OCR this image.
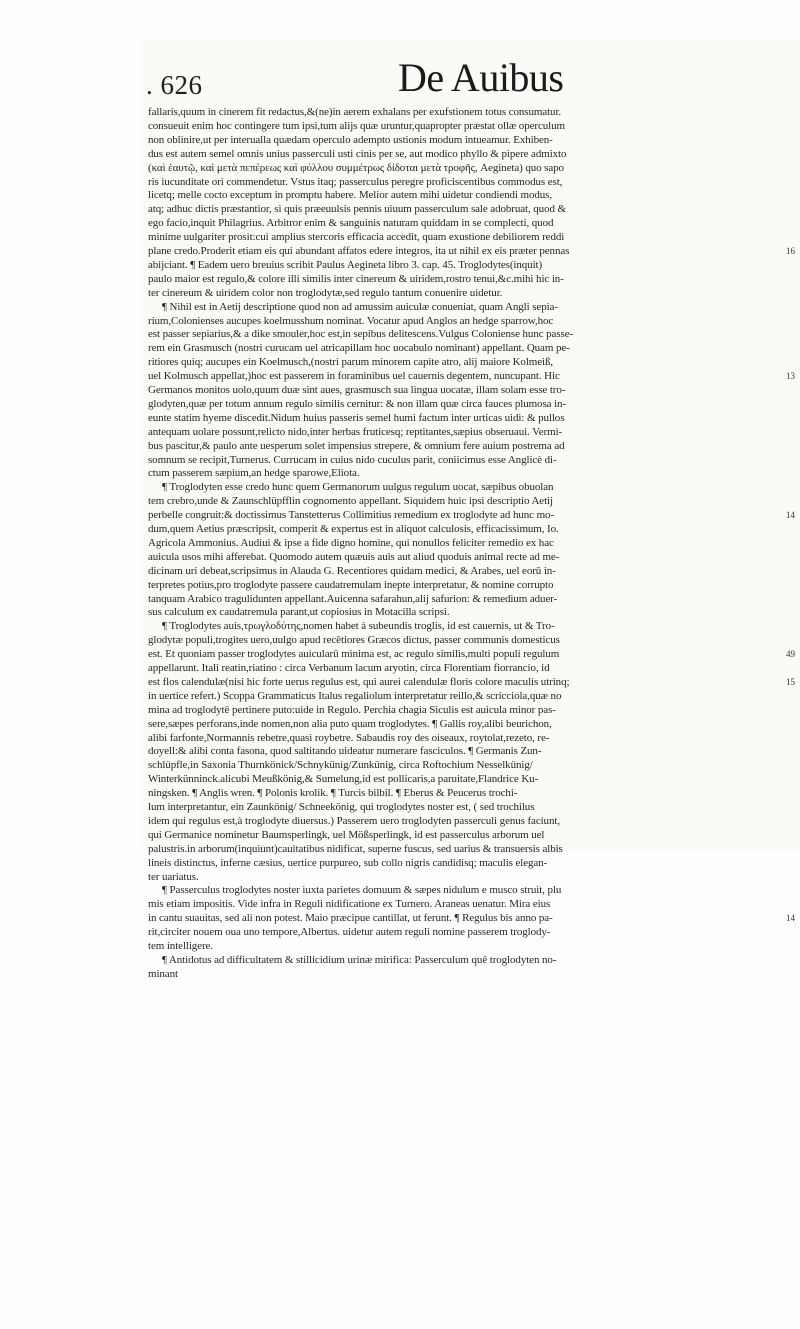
. 626	De Auibus
fallaris,quum in cinerem fit redactus,&(ne)in aerem exhalans per exufstionem totus consumatur.
consueuit enim hoc contingere tum ipsi,tum alijs quæ uruntur,quapropter præstat ollæ operculum
non oblinire,ut per interualla quædam operculo adempto ustionis modum intueamur. Exhiben-
dus est autem semel omnis unius passerculi usti cinis per se, aut modico phyllo & pipere admixto
(καὶ ἑαυτῷ, καὶ μετὰ πεπέρεως καὶ φύλλου συμμέτρως δίδοται μετὰ τροφῆς, Aegineta) quo sapo
ris iucunditate ori commendetur. Vstus itaq; passerculus peregre proficiscentibus commodus est,
licetq; melle cocto exceptum in promptu habere. Melior autem mihi uidetur condiendi modus,
atq; adhuc dictis præstantior, si quis præeuulsis pennis uiuum passerculum sale adobruat, quod &
ego facio,inquit Philagrius. Arbitror enim & sanguinis naturam quiddam in se complecti, quod
minime uulgariter prosit:cui amplius stercoris efficacia accedit, quam exustione debiliorem reddi
plane credo.Proderit etiam eis qui abundant affatos edere integros, ita ut nihil ex eis præter pennas
abijciant. ¶ Eadem uero breuius scribit Paulus Aegineta libro 3. cap. 45. Troglodytes(inquit)
paulo maior est regulo,& colore illi similis inter cinereum & uiridem,rostro tenui,&c.mihi hic in-
ter cinereum & uiridem color non troglodytæ,sed regulo tantum conuenire uidetur.
¶ Nihil est in Aetij descriptione quod non ad amussim auiculæ conueniat, quam Angli sepia-
rium,Colonienses aucupes koelmusshum nominat. Vocatur apud Anglos an hedge sparrow,hoc
est passer sepiarius,& a dike smouler,hoc est,in sepibus delitescens.Vulgus Coloniense hunc passe-
rem ein Grasmusch (nostri curucam uel atricapillam hoc uocabulo nominant) appellant. Quam pe-
ritiores quiq; aucupes ein Koelmusch,(nostri parum minorem capite atro, alij maiore Kolmeiß,
uel Kolmusch appellat,)hoc est passerem in foraminibus uel cauernis degentem, nuncupant. Hic
Germanos monitos uolo,quum duæ sint aues, grasmusch sua lingua uocatæ, illam solam esse tro-
glodyten,quæ per totum annum regulo similis cernitur: & non illam quæ circa fauces plumosa in-
eunte statim hyeme discedit.Nidum huius passeris semel humi factum inter urticas uidi: & pullos
antequam uolare possunt,relicto nido,inter herbas fruticesq; reptitantes,sæpius obseruaui. Vermi-
bus pascitur,& paulo ante uesperum solet impensius strepere, & omnium fere auium postrema ad
somnum se recipit,Turnerus. Currucam in cuius nido cuculus parit, coniicimus esse Anglicè di-
ctum passerem sæpium,an hedge sparowe,Eliota.
¶ Troglodyten esse credo hunc quem Germanorum uulgus regulum uocat, sæpibus obuolan
tem crebro,unde & Zaunschlüpfflin cognomento appellant. Siquidem huic ipsi descriptio Aetij
perbelle congruit:& doctissimus Tanstetterus Collimitius remedium ex troglodyte ad hunc mo-
dum,quem Aetius præscripsit, comperit & expertus est in aliquot calculosis, efficacissimum, Io.
Agricola Ammonius. Audiui & ipse a fide digno homine, qui nonullos feliciter remedio ex hac
auicula usos mihi afferebat. Quomodo autem quæuis auis aut aliud quoduis animal recte ad me-
dicinam uri debeat,scripsimus in Alauda G. Recentiores quidam medici, & Arabes, uel eorū in-
terpretes potius,pro troglodyte passere caudatremulam inepte interpretatur, & nomine corrupto
tanquam Arabico tragulidunten appellant.Auicenna safarahun,alij safurion: & remedium aduer-
sus calculum ex caudatremula parant,ut copiosius in Motacilla scripsi.
¶ Troglodytes auis,τρωγλοδύτης,nomen habet à subeundis troglis, id est cauernis, ut & Tro-
glodytæ populi,trogites uero,uulgo apud recētiores Græcos dictus, passer communis domesticus
est. Et quoniam passer troglodytes auicularū minima est, ac regulo similis,multi populi regulum
appellarunt. Itali reatin,riatino : circa Verbanum lacum aryotin, circa Florentiam fiorrancio, id
est flos calendulæ(nisi hic forte uerus regulus est, qui aurei calendulæ floris colore maculis utrinq;
in uertice refert.) Scoppa Grammaticus Italus regaliolum interpretatur reillo,& scricciola,quæ no
mina ad troglodytē pertinere puto:uide in Regulo. Perchia chagia Siculis est auicula minor pas-
sere,sæpes perforans,inde nomen,non alia puto quam troglodytes. ¶ Gallis roy,alibi beurichon,
alibi farfonte,Normannis rebetre,quasi roybetre. Sabaudis roy des oiseaux, roytolat,rezeto, re-
doyell:& alibi conta fasona, quod saltitando uideatur numerare fasciculos. ¶ Germanis Zun-
schlüpfle,in Saxonia Thurnkönick/Schnykünig/Zunkünig, circa Roftochium Nesselkünig/
Winterkünninck.alicubi Meußkönig,& Sumelung,id est pollicaris,a paruitate,Flandrice Ku-
ningsken. ¶ Anglis wren. ¶ Polonis krolik. ¶ Turcis bilbil. ¶ Eberus & Peucerus trochi-
lum interpretantur, ein Zaunkönig/ Schneekönig, qui troglodytes noster est, ( sed trochilus
idem qui regulus est,à troglodyte diuersus.) Passerem uero troglodyten passerculi genus faciunt,
qui Germanice nominetur Baumsperlingk, uel Mößsperlingk, id est passerculus arborum uel
palustris.in arborum(inquiunt)cauitatibus nidificat, superne fuscus, sed uarius & transuersis albis
lineis distinctus, inferne cæsius, uertice purpureo, sub collo nigris candidisq; maculis elegan-
ter uariatus.
¶ Passerculus troglodytes noster iuxta parietes domuum & sæpes nidulum e musco struit, plu
mis etiam impositis. Vide infra in Reguli nidificatione ex Turnero. Araneas uenatur. Mira eius
in cantu suauitas, sed ali non potest. Maio præcipue cantillat, ut ferunt. ¶ Regulus bis anno pa-
rit,circiter nouem oua uno tempore,Albertus. uidetur autem reguli nomine passerem troglody-
tem intelligere.
¶ Antidotus ad difficultatem & stillicidium urinæ mirifica: Passerculum quē troglodyten no-
minant
16
13
14
15
14
49
